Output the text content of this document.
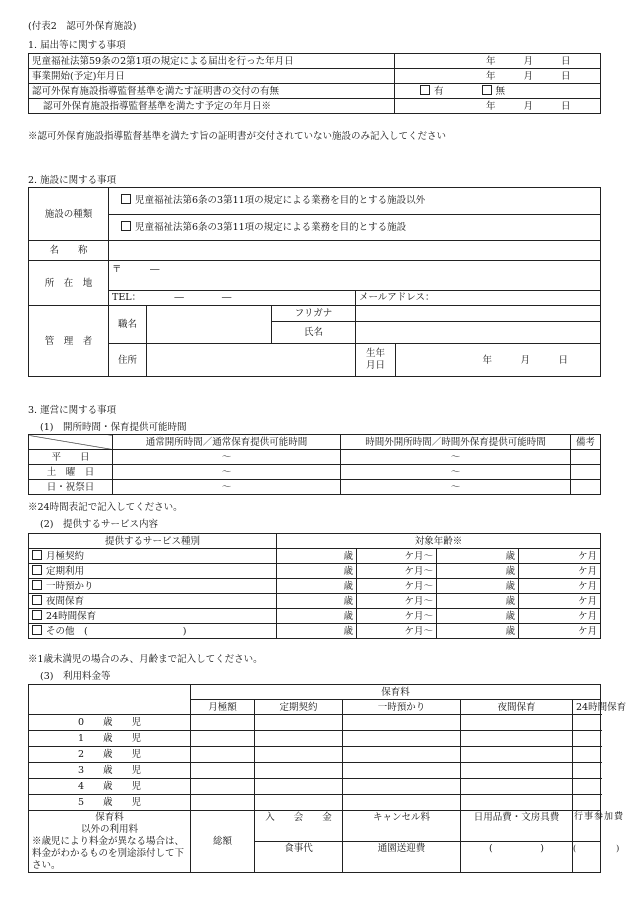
(付表2　認可外保育施設)
1. 届出等に関する事項
児童福祉法第59条の2第1項の規定による届出を行った年月日	年 月 日
事業開始(予定)年月日	年 月 日
認可外保育施設指導監督基準を満たす証明書の交付の有無	有 無
認可外保育施設指導監督基準を満たす予定の年月日※	年 月 日
※認可外保育施設指導監督基準を満たす旨の証明書が交付されていない施設のみ記入してください
2. 施設に関する事項
施設の種類	児童福祉法第6条の3第11項の規定による業務を目的とする施設以外				
	児童福祉法第6条の3第11項の規定による業務を目的とする施設				
名　　称					
所　在　地	〒　　　―				
	TEL：　　　　―　　　　―			メールアドレス：	
管　理　者	職名		フリガナ		
			氏名		
	住所			生年
月日	年　　　月　　　日
3. 運営に関する事項
(1)　開所時間・保育提供可能時間
	通常開所時間／通常保育提供可能時間	時間外開所時間／時間外保育提供可能時間	備考
平　　日	～	～	
土　曜　日	～	～	
日・祝祭日	～	～	
※24時間表記で記入してください。
(2)　提供するサービス内容
提供するサービス種別	対象年齢※			
月極契約	歳	ケ月～	歳	ケ月
定期利用	歳	ケ月～	歳	ケ月
一時預かり	歳	ケ月～	歳	ケ月
夜間保育	歳	ケ月～	歳	ケ月
24時間保育	歳	ケ月～	歳	ケ月
その他　(　　　　　　　　　　)	歳	ケ月～	歳	ケ月
※1歳未満児の場合のみ、月齢まで記入してください。
(3)　利用料金等
	保育料				
	月極額	定期契約	一時預かり	夜間保育	24時間保育
0　　歳　　児					
1　　歳　　児					
2　　歳　　児					
3　　歳　　児					
4　　歳　　児					
5　　歳　　児					

保育料
以外の利用料
※歳児により料金が異なる場合は、料金がわかるものを別途添付して下さい。	総額	入　　会　　金	キャンセル料	日用品費・文房具費	行事参加費
		食事代	通園送迎費	(　　　　　)	(　　　　　)
